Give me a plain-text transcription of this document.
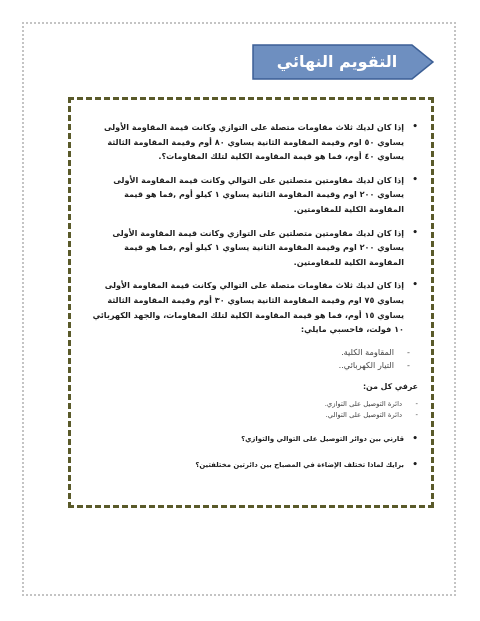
التقويم النهائي
•
إذا كان لديك ثلاث مقاومات متصلة على التوازي وكانت قيمة المقاومة الأولى يساوي ٥٠ اوم وقيمة المقاومة الثانية يساوي ٨٠ أوم وقيمة المقاومة الثالثة يساوي ٤٠ أوم، فما هو قيمة المقاومة الكلية لتلك المقاومات؟.
•
إذا كان لديك مقاومتين متصلتين على التوالي وكانت قيمة المقاومة الأولى يساوي ٢٠٠ اوم وقيمة المقاومة الثانية يساوي ١ كيلو أوم ,فما هو قيمة المقاومة الكلية للمقاومتين.
•
إذا كان لديك مقاومتين متصلتين على التوازي وكانت قيمة المقاومة الأولى يساوي ٢٠٠ اوم وقيمة المقاومة الثانية يساوي ١ كيلو أوم ,فما هو قيمة المقاومة الكلية للمقاومتين.
•
إذا كان لديك ثلاث مقاومات متصلة على التوالي وكانت قيمة المقاومة الأولى يساوي ٧٥ اوم وقيمة المقاومة الثانية يساوي ٣٠ أوم وقيمة المقاومة الثالثة يساوي ١٥ أوم، فما هو قيمة المقاومة الكلية لتلك المقاومات، والجهد الكهربائي ١٠ فولت، فاحسبي مايلي:
-
المقاومة الكلية.
-
التيار الكهربائي..
عرفي كل من:
-
دائرة التوصيل على التوازي.
-
دائرة التوصيل على التوالي.
•
قارني بين دوائر التوصيل على التوالي والتوازي؟
•
برايك لماذا تختلف الإضاءة في المصباح بين دائرتين مختلفتين؟
